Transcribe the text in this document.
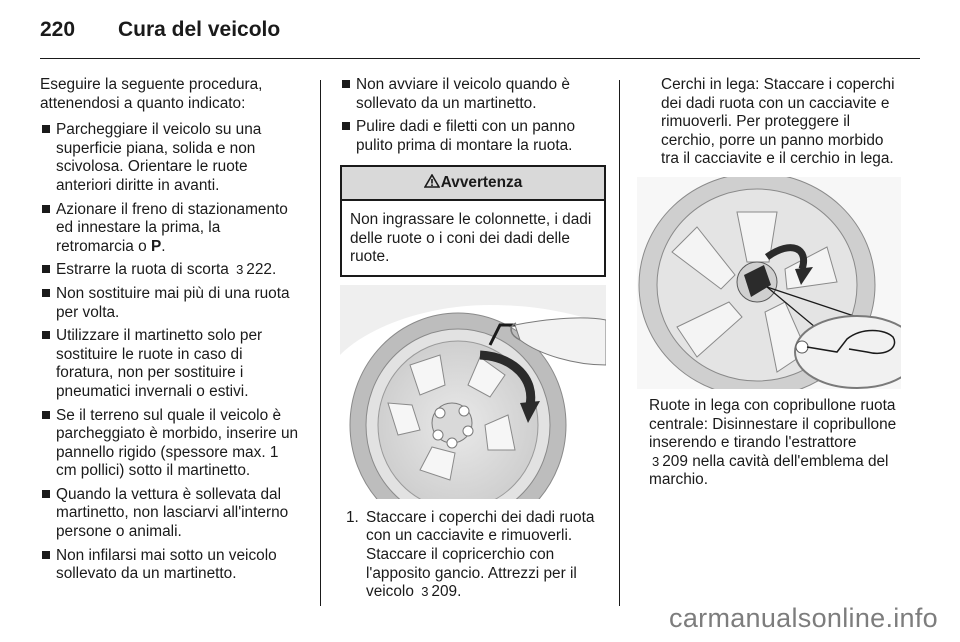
220 Cura del veicolo

Eseguire la seguente procedura, attenendosi a quanto indicato:

Parcheggiare il veicolo su una superficie piana, solida e non scivolosa. Orientare le ruote anteriori diritte in avanti.
Azionare il freno di stazionamento ed innestare la prima, la retromarcia o P.
Estrarre la ruota di scorta 3 222.
Non sostituire mai più di una ruota per volta.
Utilizzare il martinetto solo per sostituire le ruote in caso di foratura, non per sostituire i pneumatici invernali o estivi.
Se il terreno sul quale il veicolo è parcheggiato è morbido, inserire un pannello rigido (spessore max. 1 cm pollici) sotto il martinetto.
Quando la vettura è sollevata dal martinetto, non lasciarvi all'interno persone o animali.
Non infilarsi mai sotto un veicolo sollevato da un martinetto.
Non avviare il veicolo quando è sollevato da un martinetto.
Pulire dadi e filetti con un panno pulito prima di montare la ruota.
Avvertenza
Non ingrassare le colonnette, i dadi delle ruote o i coni dei dadi delle ruote.
1. Staccare i coperchi dei dadi ruota con un cacciavite e rimuoverli. Staccare il copricerchio con l'apposito gancio. Attrezzi per il veicolo 3 209.

Cerchi in lega: Staccare i coperchi dei dadi ruota con un cacciavite e rimuoverli. Per proteggere il cerchio, porre un panno morbido tra il cacciavite e il cerchio in lega.

Ruote in lega con copribullone ruota centrale: Disinnestare il copribullone inserendo e tirando l'estrattore 3 209 nella cavità dell'emblema del marchio.

carmanualsonline.info
